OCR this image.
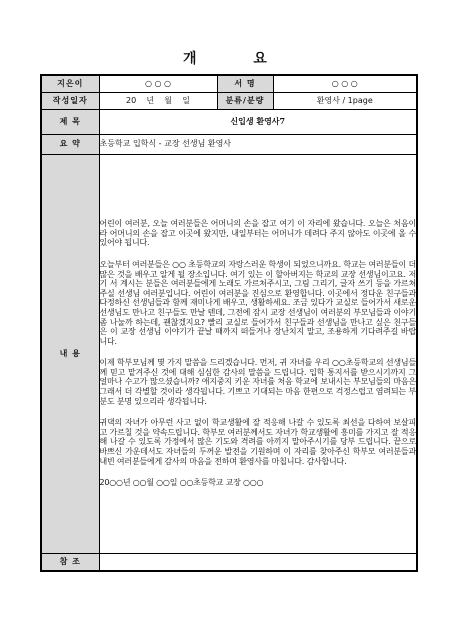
개 요
지은이	○ ○ ○	서 명	○ ○ ○
작성일자	20    년    월    일	분류/분량	환영사 / 1page
제 목	신입생 환영사7		
요 약	초등학교 입학식 - 교장 선생님 환영사		
내 용	어린이 여러분, 오늘 여러분들은 어머니의 손을 잡고 여기 이 자리에 왔습니다. 오늘은 처음이라 어머니의 손을 잡고 이곳에 왔지만, 내일부터는 어머니가 데려다 주지 않아도 이곳에 올 수 있어야 됩니다.

오늘부터 여러분들은 ○○ 초등학교의 자랑스러운 학생이 되었으니까요. 학교는 여러분들이 더 많은 것을 배우고 알게 될 장소입니다. 여기 있는 이 할아버지는 학교의 교장 선생님이고요. 저기 서 계시는 분들은 여러분들에게 노래도 가르쳐주시고, 그림 그리기, 글자 쓰기 등을 가르쳐주실 선생님 여러분입니다. 어린이 여러분을 진심으로 환영합니다. 이곳에서 정다운 친구들과 다정하신 선생님들과 함께 재미나게 배우고, 생활하세요. 조금 있다가 교실로 들어가서 새로운 선생님도 만나고 친구들도 만날 텐데, 그전에 잠시 교장 선생님이 여러분의 부모님들과 이야기 좀 나눌까 하는데, 괜찮겠지요? 빨리 교실로 들어가서 친구들과 선생님을 만나고 싶은 친구들은 이 교장 선생님 이야기가 끝날 때까지 떠들거나 장난치지 말고, 조용하게 기다려주길 바랍니다.

이제 학부모님께 몇 가지 말씀을 드리겠습니다. 먼저, 귀 자녀를 우리 ○○초등학교의 선생님들께 믿고 맡겨주신 것에 대해 심심한 감사의 말씀을 드립니다. 입학 통지서를 받으시기까지 그 얼마나 수고가 많으셨습니까? 애지중지 키운 자녀를 처음 학교에 보내시는 부모님들의 마음은 그래서 더 각별할 것이라 생각됩니다. 기쁘고 기대되는 마음 한편으로 걱정스럽고 염려되는 부분도 분명 있으리라 생각됩니다.

귀댁의 자녀가 아무런 사고 없이 학교생활에 잘 적응해 나갈 수 있도록 최선을 다하여 보살피고 가르칠 것을 약속드립니다. 학부모 여러분께서도 자녀가 학교생활에 흥미를 가지고 잘 적응해 나갈 수 있도록 가정에서 많은 기도와 격려를 아끼지 말아주시기를 당부 드립니다. 끝으로 바쁘신 가운데서도 자녀들의 두꺼운 발전을 기원하며 이 자리를 찾아주신 학부모 여러분들과 내빈 여러분들에게 감사의 마음을 전하며 환영사를 마칩니다. 감사합니다.

20○○년 ○○월 ○○일 ○○초등학교 교장 ○○○		

참 조			
